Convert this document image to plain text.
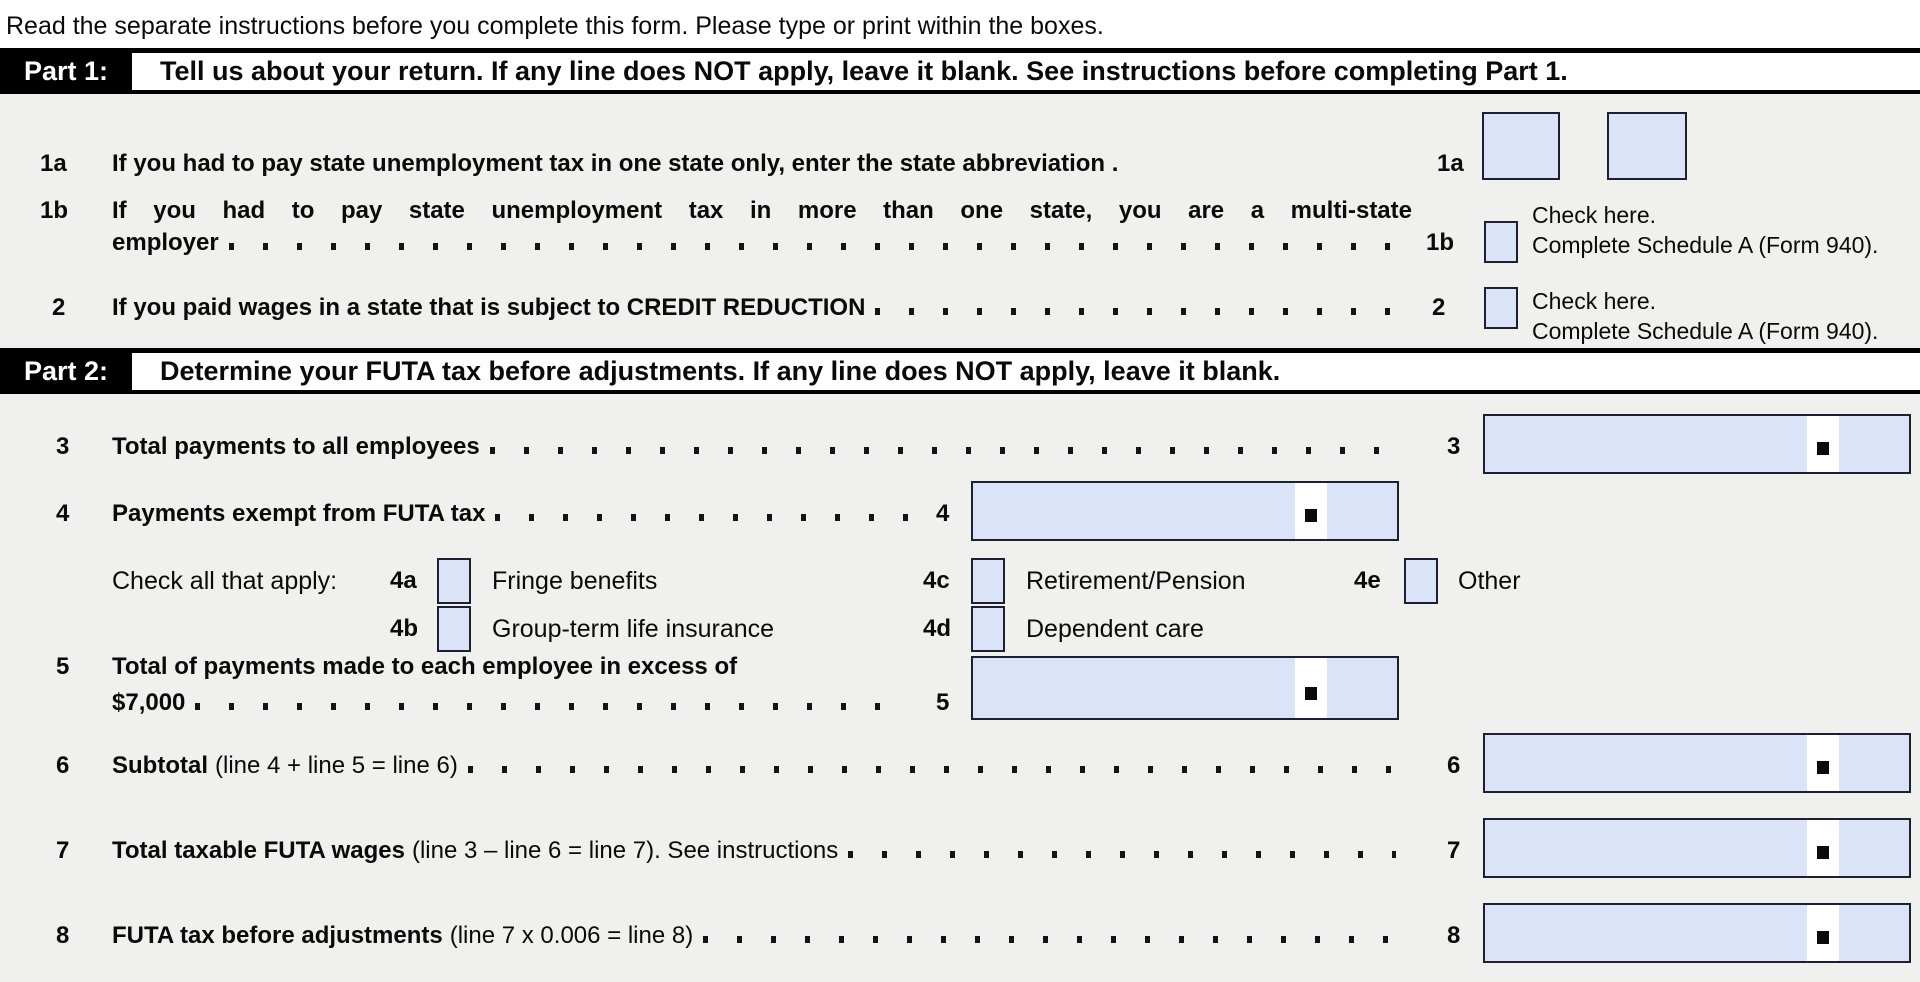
Read the separate instructions before you complete this form. Please type or print within the boxes.
Part 1:	Tell us about your return. If any line does NOT apply, leave it blank. See instructions before completing Part 1.
1a If you had to pay state unemployment tax in one state only, enter the state abbreviation .	1a
1b If you had to pay state unemployment tax in more than one state, you are a multi-state
employer	1b
Check here.
Complete Schedule A (Form 940).
2 If you paid wages in a state that is subject to CREDIT REDUCTION	2	Check here.
Complete Schedule A (Form 940).
Part 2:	Determine your FUTA tax before adjustments. If any line does NOT apply, leave it blank.
3 Total payments to all employees	3
4 Payments exempt from FUTA tax	4
Check all that apply: 4a	Fringe benefits	4c	Retirement/Pension	4e	Other
4b	Group-term life insurance	4d	Dependent care
5 Total of payments made to each employee in excess of
$7,000	5
6 Subtotal (line 4 + line 5 = line 6)	6
7 Total taxable FUTA wages (line 3 – line 6 = line 7). See instructions	7
8 FUTA tax before adjustments (line 7 x 0.006 = line 8)	8
